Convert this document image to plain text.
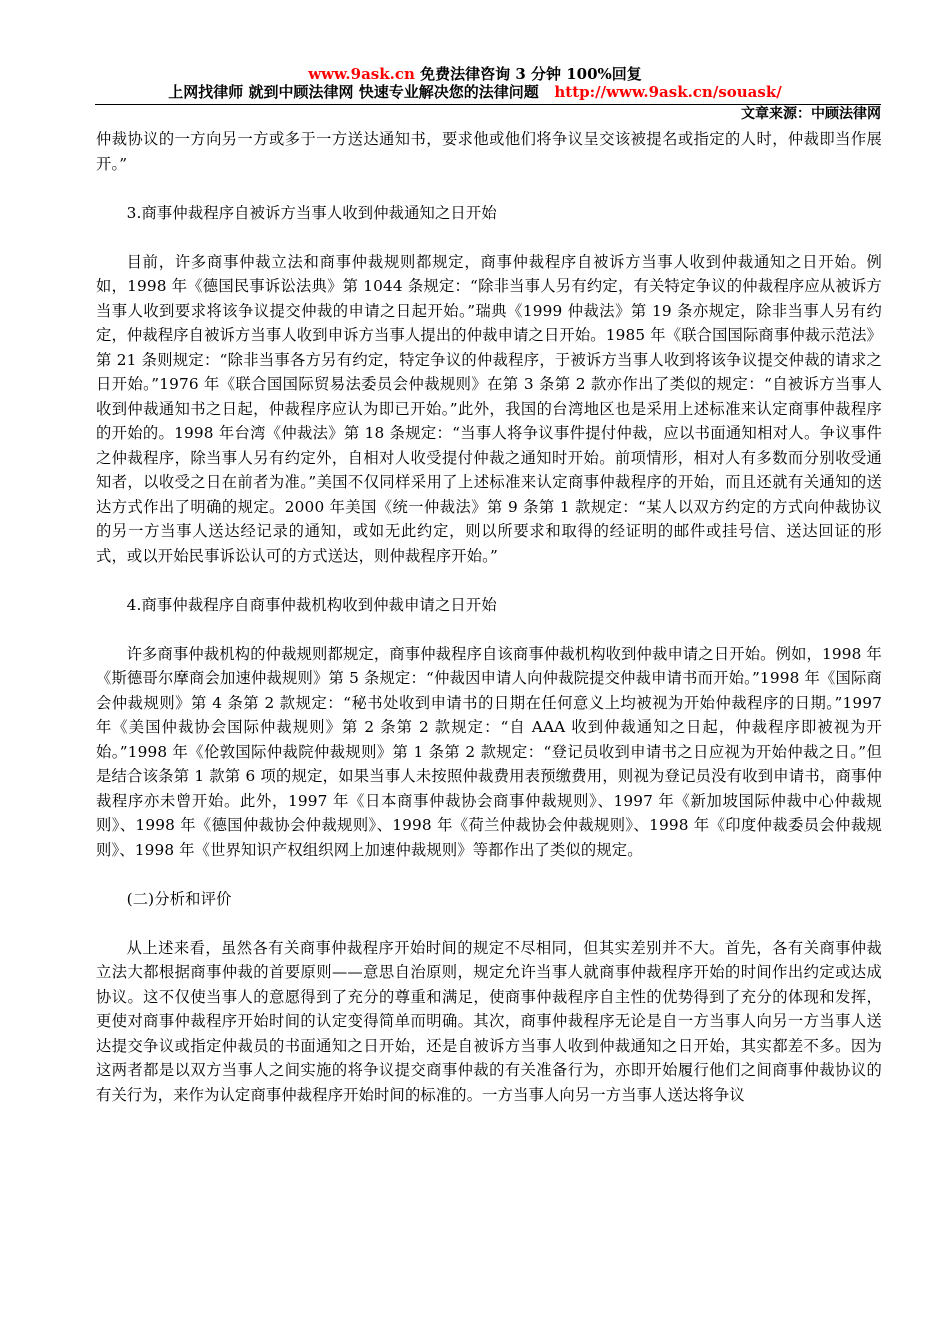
www.9ask.cn 免费法律咨询 3 分钟 100%回复
上网找律师 就到中顾法律网 快速专业解决您的法律问题 http://www.9ask.cn/souask/
文章来源：中顾法律网

仲裁协议的一方向另一方或多于一方送达通知书，要求他或他们将争议呈交该被提名或指定的人时，仲裁即当作展开。”

3.商事仲裁程序自被诉方当事人收到仲裁通知之日开始

目前，许多商事仲裁立法和商事仲裁规则都规定，商事仲裁程序自被诉方当事人收到仲裁通知之日开始。例如，1998 年《德国民事诉讼法典》第 1044 条规定：“除非当事人另有约定，有关特定争议的仲裁程序应从被诉方当事人收到要求将该争议提交仲裁的申请之日起开始。”瑞典《1999 仲裁法》第 19 条亦规定，除非当事人另有约定，仲裁程序自被诉方当事人收到申诉方当事人提出的仲裁申请之日开始。1985 年《联合国国际商事仲裁示范法》第 21 条则规定：“除非当事各方另有约定，特定争议的仲裁程序，于被诉方当事人收到将该争议提交仲裁的请求之日开始。”1976 年《联合国国际贸易法委员会仲裁规则》在第 3 条第 2 款亦作出了类似的规定：“自被诉方当事人收到仲裁通知书之日起，仲裁程序应认为即已开始。”此外，我国的台湾地区也是采用上述标准来认定商事仲裁程序的开始的。1998 年台湾《仲裁法》第 18 条规定：“当事人将争议事件提付仲裁，应以书面通知相对人。争议事件之仲裁程序，除当事人另有约定外，自相对人收受提付仲裁之通知时开始。前项情形，相对人有多数而分别收受通知者，以收受之日在前者为准。”美国不仅同样采用了上述标准来认定商事仲裁程序的开始，而且还就有关通知的送达方式作出了明确的规定。2000 年美国《统一仲裁法》第 9 条第 1 款规定：“某人以双方约定的方式向仲裁协议的另一方当事人送达经记录的通知，或如无此约定，则以所要求和取得的经证明的邮件或挂号信、送达回证的形式，或以开始民事诉讼认可的方式送达，则仲裁程序开始。”

4.商事仲裁程序自商事仲裁机构收到仲裁申请之日开始

许多商事仲裁机构的仲裁规则都规定，商事仲裁程序自该商事仲裁机构收到仲裁申请之日开始。例如，1998 年《斯德哥尔摩商会加速仲裁规则》第 5 条规定：“仲裁因申请人向仲裁院提交仲裁申请书而开始。”1998 年《国际商会仲裁规则》第 4 条第 2 款规定：“秘书处收到申请书的日期在任何意义上均被视为开始仲裁程序的日期。”1997 年《美国仲裁协会国际仲裁规则》第 2 条第 2 款规定：“自 AAA 收到仲裁通知之日起，仲裁程序即被视为开始。”1998 年《伦敦国际仲裁院仲裁规则》第 1 条第 2 款规定：“登记员收到申请书之日应视为开始仲裁之日。”但是结合该条第 1 款第 6 项的规定，如果当事人未按照仲裁费用表预缴费用，则视为登记员没有收到申请书，商事仲裁程序亦未曾开始。此外，1997 年《日本商事仲裁协会商事仲裁规则》、1997 年《新加坡国际仲裁中心仲裁规则》、1998 年《德国仲裁协会仲裁规则》、1998 年《荷兰仲裁协会仲裁规则》、1998 年《印度仲裁委员会仲裁规则》、1998 年《世界知识产权组织网上加速仲裁规则》等都作出了类似的规定。

(二)分析和评价

从上述来看，虽然各有关商事仲裁程序开始时间的规定不尽相同，但其实差别并不大。首先，各有关商事仲裁立法大都根据商事仲裁的首要原则——意思自治原则，规定允许当事人就商事仲裁程序开始的时间作出约定或达成协议。这不仅使当事人的意愿得到了充分的尊重和满足，使商事仲裁程序自主性的优势得到了充分的体现和发挥，更使对商事仲裁程序开始时间的认定变得简单而明确。其次，商事仲裁程序无论是自一方当事人向另一方当事人送达提交争议或指定仲裁员的书面通知之日开始，还是自被诉方当事人收到仲裁通知之日开始，其实都差不多。因为这两者都是以双方当事人之间实施的将争议提交商事仲裁的有关准备行为，亦即开始履行他们之间商事仲裁协议的有关行为，来作为认定商事仲裁程序开始时间的标准的。一方当事人向另一方当事人送达将争议
